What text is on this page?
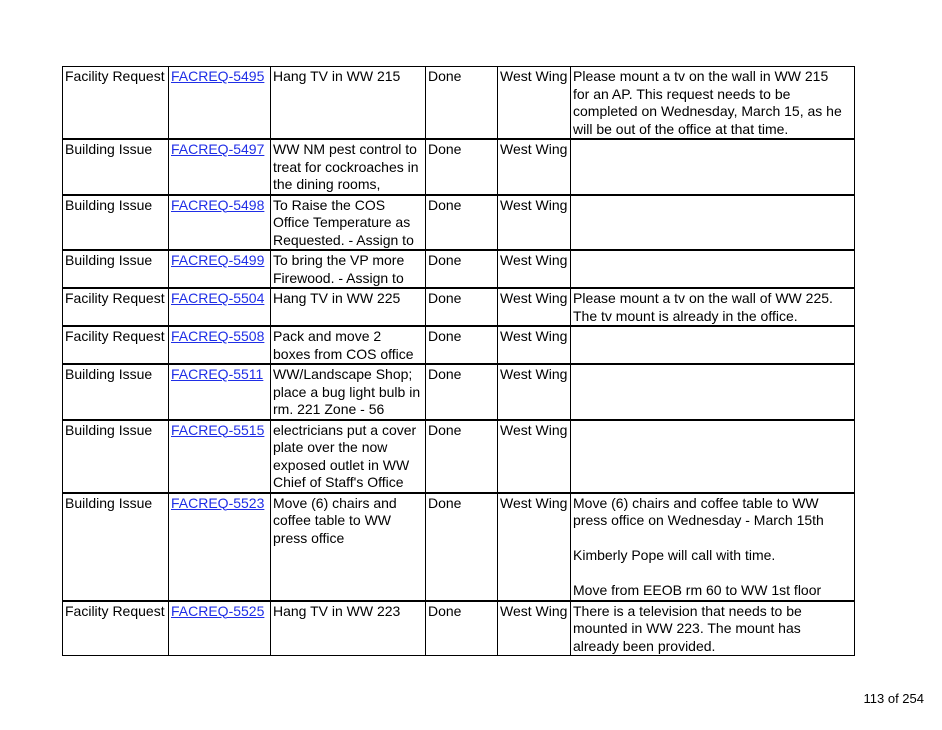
Facility Request	FACREQ-5495	Hang TV in WW 215	Done	West Wing	Please mount a tv on the wall in WW 215
for an AP. This request needs to be
completed on Wednesday, March 15, as he
will be out of the office at that time.
Building Issue	FACREQ-5497	WW NM pest control to
treat for cockroaches in
the dining rooms,	Done	West Wing	
Building Issue	FACREQ-5498	To Raise the COS
Office Temperature as
Requested. - Assign to	Done	West Wing	
Building Issue	FACREQ-5499	To bring the VP more
Firewood. - Assign to	Done	West Wing	
Facility Request	FACREQ-5504	Hang TV in WW 225	Done	West Wing	Please mount a tv on the wall of WW 225.
The tv mount is already in the office.
Facility Request	FACREQ-5508	Pack and move 2
boxes from COS office	Done	West Wing	
Building Issue	FACREQ-5511	WW/Landscape Shop;
place a bug light bulb in
rm. 221 Zone - 56	Done	West Wing	
Building Issue	FACREQ-5515	electricians put a cover
plate over the now
exposed outlet in WW
Chief of Staff's Office	Done	West Wing	
Building Issue	FACREQ-5523	Move (6) chairs and
coffee table to WW
press office	Done	West Wing	Move (6) chairs and coffee table to WW
press office on Wednesday - March 15th

Kimberly Pope will call with time.

Move from EEOB rm 60 to WW 1st floor
Facility Request	FACREQ-5525	Hang TV in WW 223	Done	West Wing	There is a television that needs to be
mounted in WW 223. The mount has
already been provided.
113 of 254
